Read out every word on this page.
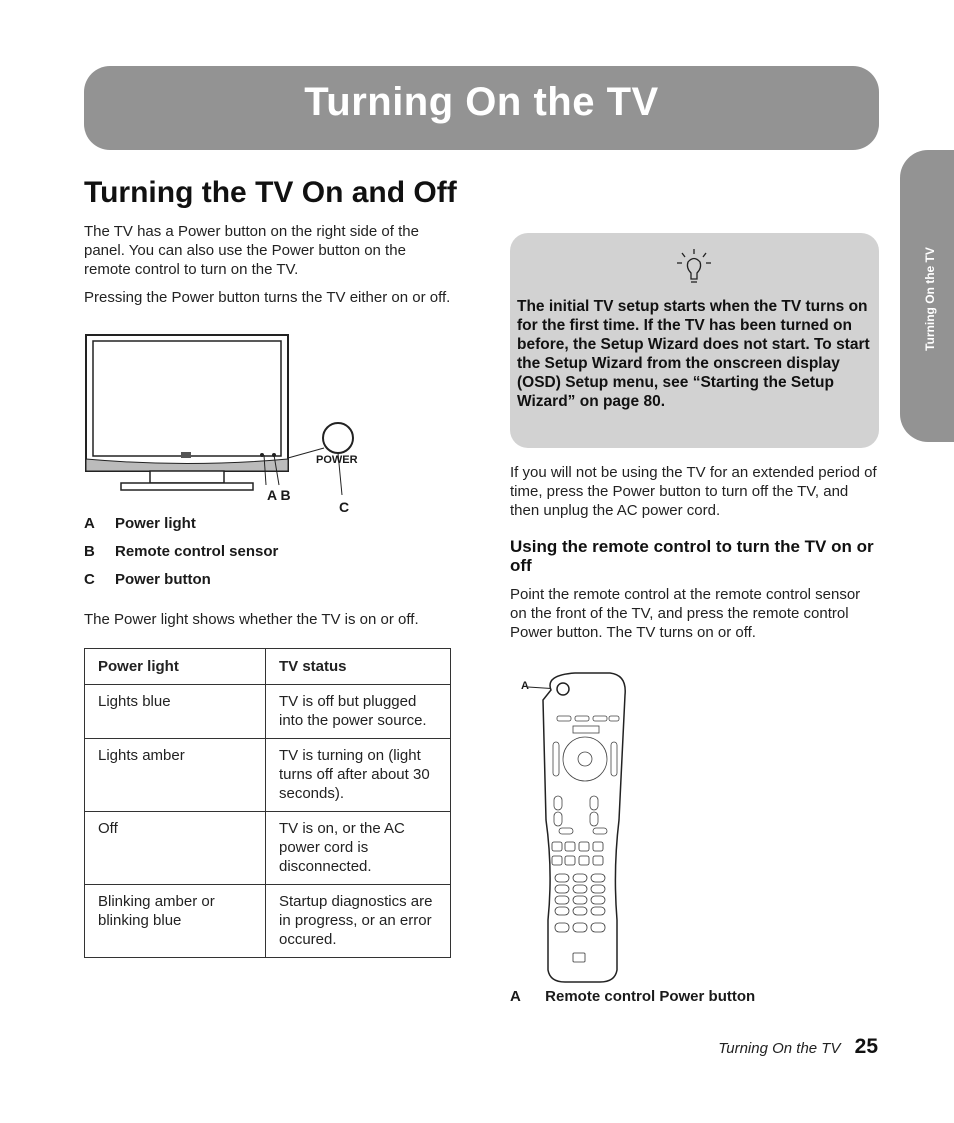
Turning On the TV
Turning On the TV
Turning the TV On and Off

The TV has a Power button on the right side of the panel. You can also use the Power button on the remote control to turn on the TV.

Pressing the Power button turns the TV either on or off.

POWER
A B
C
A	Power light
B	Remote control sensor
C	Power button

The Power light shows whether the TV is on or off.

Power light	TV status
Lights blue	TV is off but plugged into the power source.
Lights amber	TV is turning on (light turns off after about 30 seconds).
Off	TV is on, or the AC power cord is disconnected.
Blinking amber or blinking blue	Startup diagnostics are in progress, or an error occured.

The initial TV setup starts when the TV turns on for the first time. If the TV has been turned on before, the Setup Wizard does not start. To start the Setup Wizard from the onscreen display (OSD) Setup menu, see “Starting the Setup Wizard” on page 80.

If you will not be using the TV for an extended period of time, press the Power button to turn off the TV, and then unplug the AC power cord.

Using the remote control to turn the TV on or off

Point the remote control at the remote control sensor on the front of the TV, and press the remote control Power button. The TV turns on or off.

A
A Remote control Power button
Turning On the TV 25
